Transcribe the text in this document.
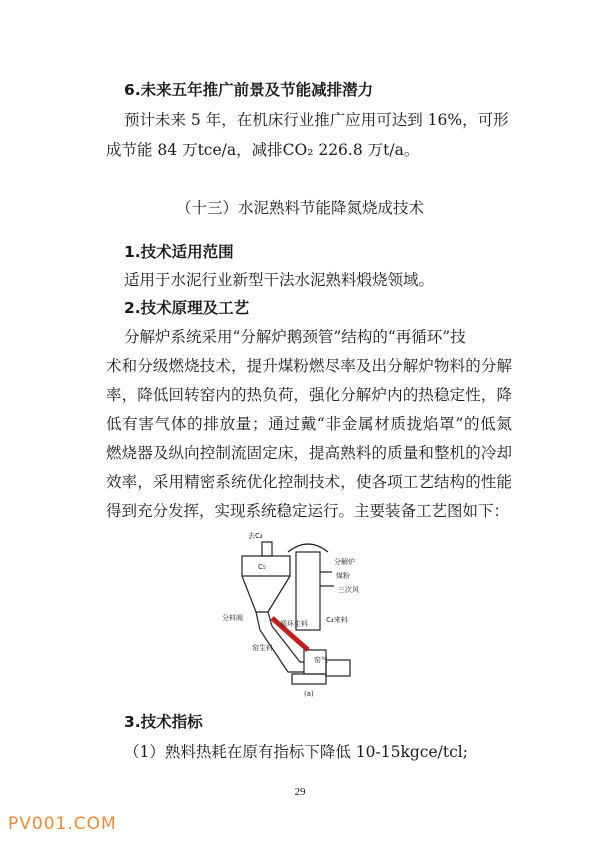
6.未来五年推广前景及节能减排潜力
预计未来 5 年，在机床行业推广应用可达到 16%，可形
成节能 84 万tce/a，减排CO₂ 226.8 万t/a。
（十三）水泥熟料节能降氮烧成技术
1.技术适用范围
适用于水泥行业新型干法水泥熟料煅烧领域。
2.技术原理及工艺
分解炉系统采用“分解炉鹅颈管”结构的“再循环”技
术和分级燃烧技术，提升煤粉燃尽率及出分解炉物料的分解
率，降低回转窑内的热负荷，强化分解炉内的热稳定性，降
低有害气体的排放量；通过戴“非金属材质拢焰罩”的低氮
燃烧器及纵向控制流固定床，提高熟料的质量和整机的冷却
效率，采用精密系统优化控制技术，使各项工艺结构的性能
得到充分发挥，实现系统稳定运行。主要装备工艺图如下：
去C₄
C₅
分解炉
煤粉
三次风
分料阀
循环生料	C₄来料
窑气
窑生料
(a)
3.技术指标
（1）熟料热耗在原有指标下降低 10-15kgce/tcl;
29
PV001.COM
